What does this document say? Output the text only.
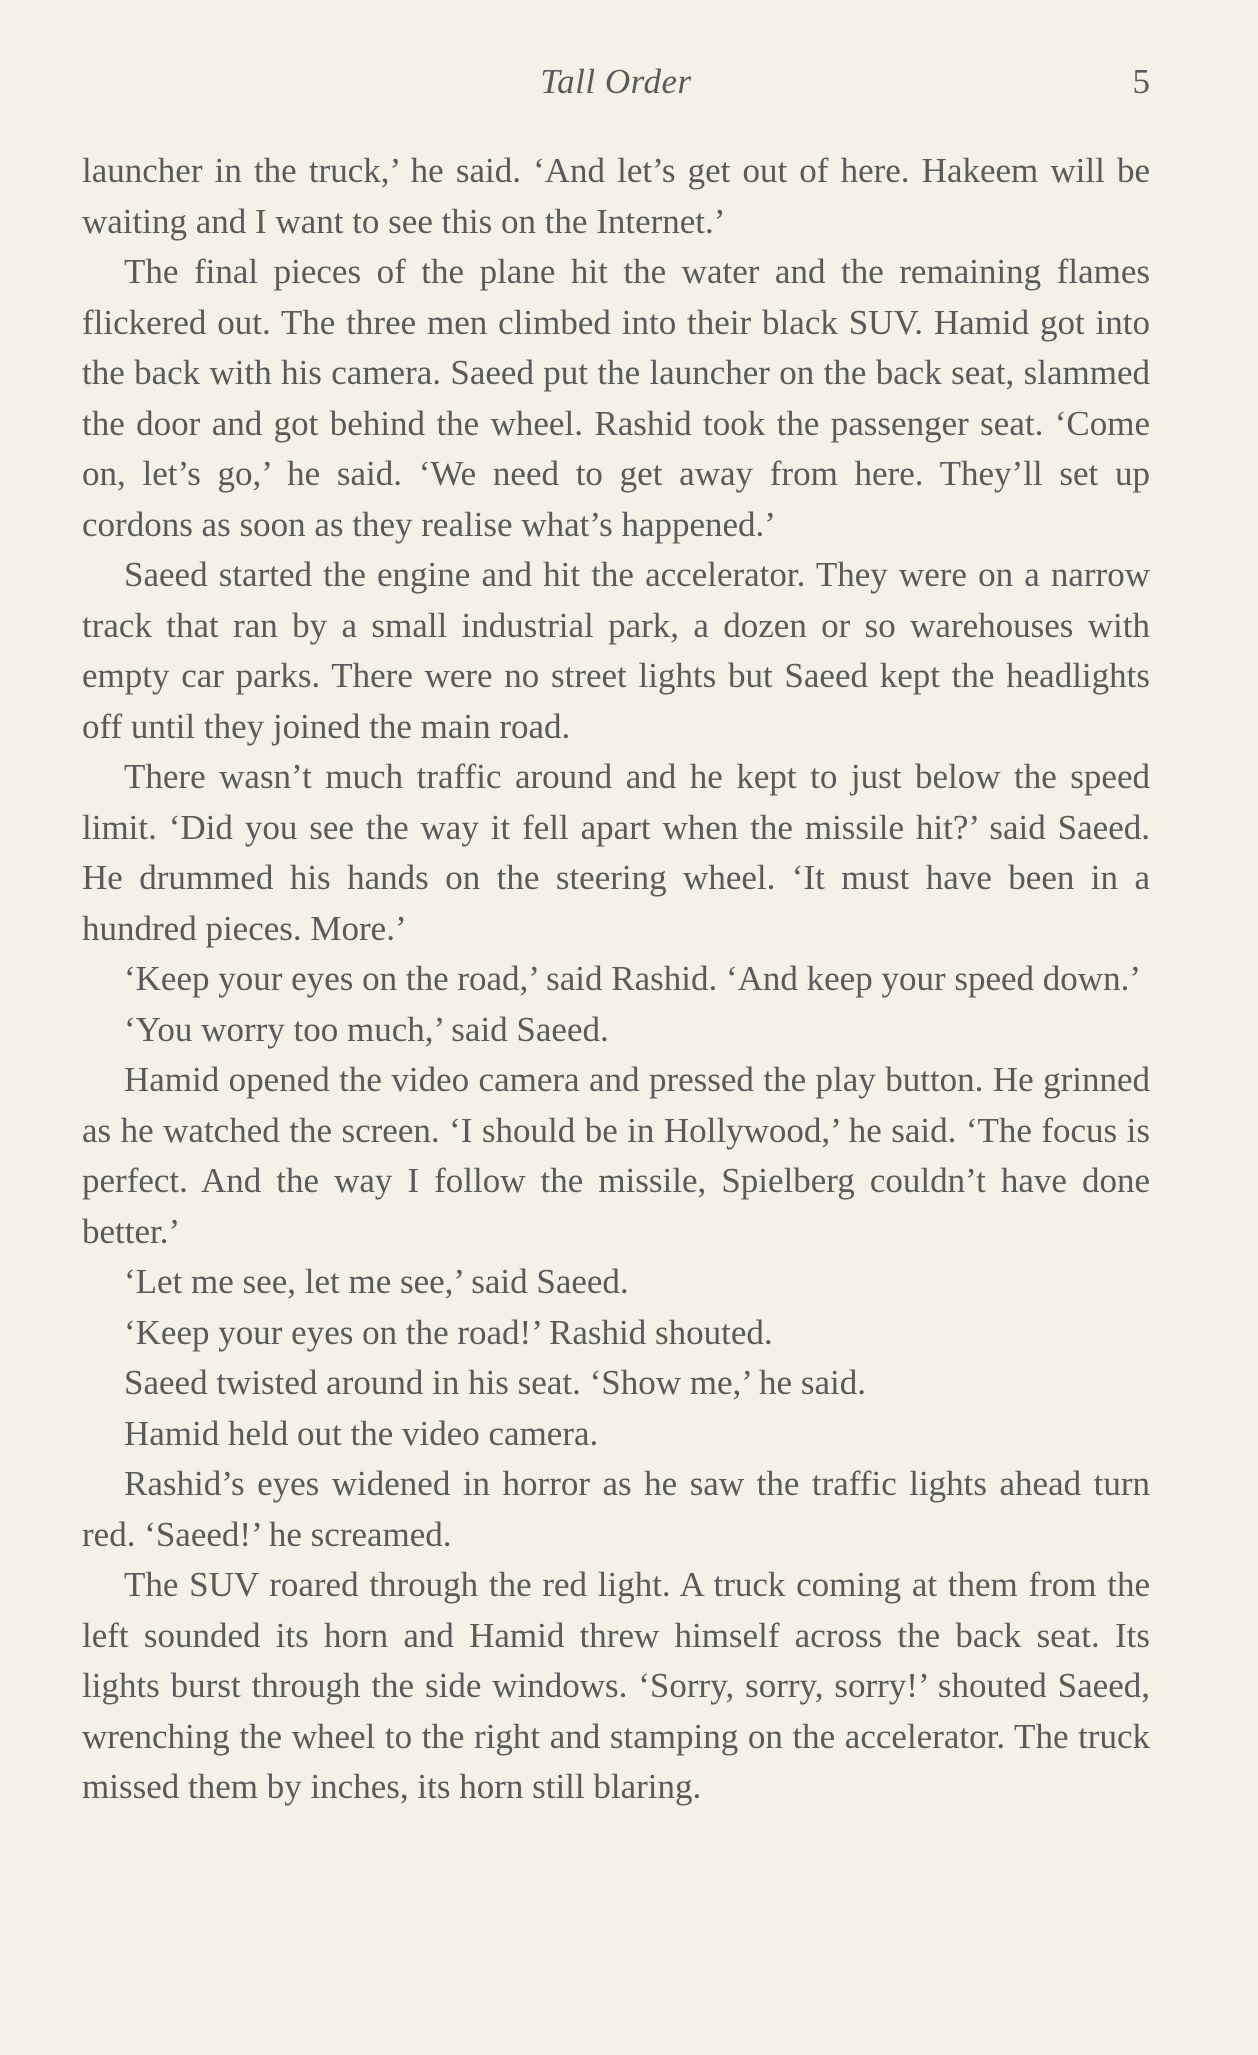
Tall Order	5

launcher in the truck,’ he said. ‘And let’s get out of here. Hakeem will be waiting and I want to see this on the Internet.’

The final pieces of the plane hit the water and the remaining flames flickered out. The three men climbed into their black SUV. Hamid got into the back with his camera. Saeed put the launcher on the back seat, slammed the door and got behind the wheel. Rashid took the passenger seat. ‘Come on, let’s go,’ he said. ‘We need to get away from here. They’ll set up cordons as soon as they realise what’s happened.’

Saeed started the engine and hit the accelerator. They were on a narrow track that ran by a small industrial park, a dozen or so warehouses with empty car parks. There were no street lights but Saeed kept the headlights off until they joined the main road.

There wasn’t much traffic around and he kept to just below the speed limit. ‘Did you see the way it fell apart when the missile hit?’ said Saeed. He drummed his hands on the steering wheel. ‘It must have been in a hundred pieces. More.’

‘Keep your eyes on the road,’ said Rashid. ‘And keep your speed down.’

‘You worry too much,’ said Saeed.

Hamid opened the video camera and pressed the play button. He grinned as he watched the screen. ‘I should be in Hollywood,’ he said. ‘The focus is perfect. And the way I follow the missile, Spielberg couldn’t have done better.’

‘Let me see, let me see,’ said Saeed.

‘Keep your eyes on the road!’ Rashid shouted.

Saeed twisted around in his seat. ‘Show me,’ he said.

Hamid held out the video camera.

Rashid’s eyes widened in horror as he saw the traffic lights ahead turn red. ‘Saeed!’ he screamed.

The SUV roared through the red light. A truck coming at them from the left sounded its horn and Hamid threw himself across the back seat. Its lights burst through the side windows. ‘Sorry, sorry, sorry!’ shouted Saeed, wrenching the wheel to the right and stamping on the accelerator. The truck missed them by inches, its horn still blaring.
